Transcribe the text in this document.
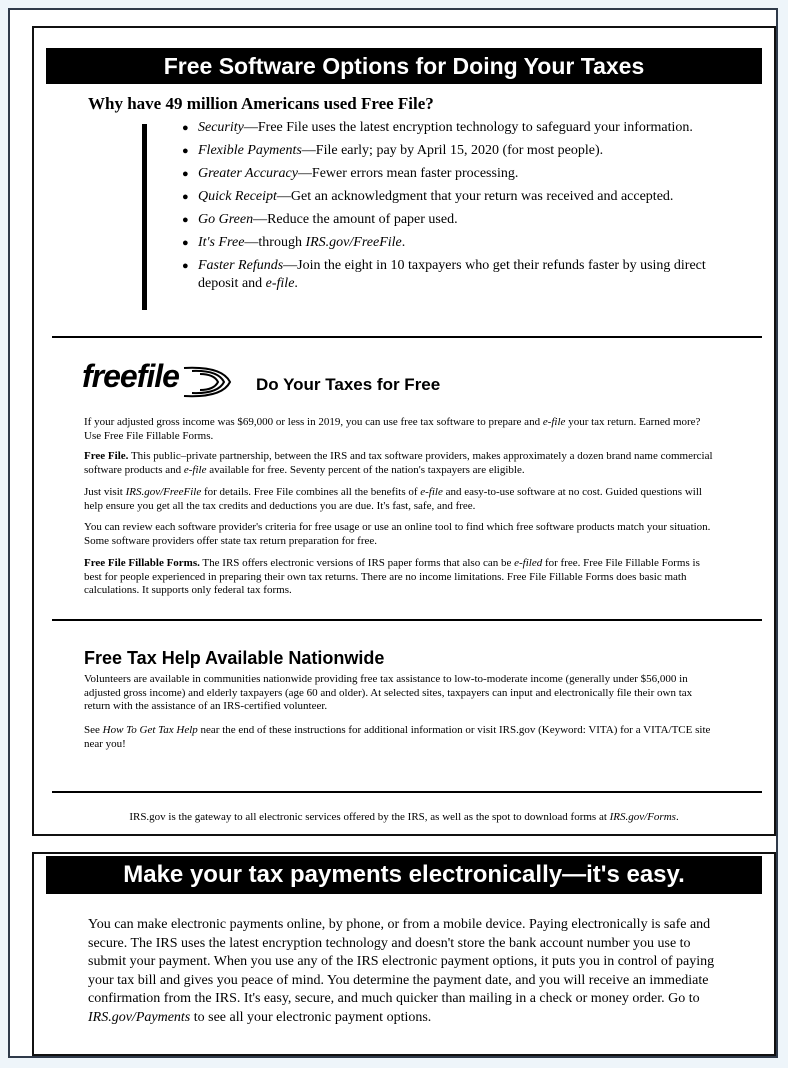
Free Software Options for Doing Your Taxes
Why have 49 million Americans used Free File?
● Security—Free File uses the latest encryption technology to safeguard your information.
● Flexible Payments—File early; pay by April 15, 2020 (for most people).
● Greater Accuracy—Fewer errors mean faster processing.
● Quick Receipt—Get an acknowledgment that your return was received and accepted.
● Go Green—Reduce the amount of paper used.
● It's Free—through IRS.gov/FreeFile.
● Faster Refunds—Join the eight in 10 taxpayers who get their refunds faster by using direct deposit and e-file.
freefile	Do Your Taxes for Free
If your adjusted gross income was $69,000 or less in 2019, you can use free tax software to prepare and e-file your tax return. Earned more? Use Free File Fillable Forms.
Free File. This public–private partnership, between the IRS and tax software providers, makes approximately a dozen brand name commercial software products and e-file available for free. Seventy percent of the nation's taxpayers are eligible.
Just visit IRS.gov/FreeFile for details. Free File combines all the benefits of e-file and easy-to-use software at no cost. Guided questions will help ensure you get all the tax credits and deductions you are due. It's fast, safe, and free.
You can review each software provider's criteria for free usage or use an online tool to find which free software products match your situation. Some software providers offer state tax return preparation for free.
Free File Fillable Forms. The IRS offers electronic versions of IRS paper forms that also can be e-filed for free. Free File Fillable Forms is best for people experienced in preparing their own tax returns. There are no income limitations. Free File Fillable Forms does basic math calculations. It supports only federal tax forms.
Free Tax Help Available Nationwide
Volunteers are available in communities nationwide providing free tax assistance to low-to-moderate income (generally under $56,000 in adjusted gross income) and elderly taxpayers (age 60 and older). At selected sites, taxpayers can input and electronically file their own tax return with the assistance of an IRS-certified volunteer.
See How To Get Tax Help near the end of these instructions for additional information or visit IRS.gov (Keyword: VITA) for a VITA/TCE site near you!
IRS.gov is the gateway to all electronic services offered by the IRS, as well as the spot to download forms at IRS.gov/Forms.
Make your tax payments electronically—it's easy.
You can make electronic payments online, by phone, or from a mobile device. Paying electronically is safe and secure. The IRS uses the latest encryption technology and doesn't store the bank account number you use to submit your payment. When you use any of the IRS electronic payment options, it puts you in control of paying your tax bill and gives you peace of mind. You determine the payment date, and you will receive an immediate confirmation from the IRS. It's easy, secure, and much quicker than mailing in a check or money order. Go to IRS.gov/Payments to see all your electronic payment options.
